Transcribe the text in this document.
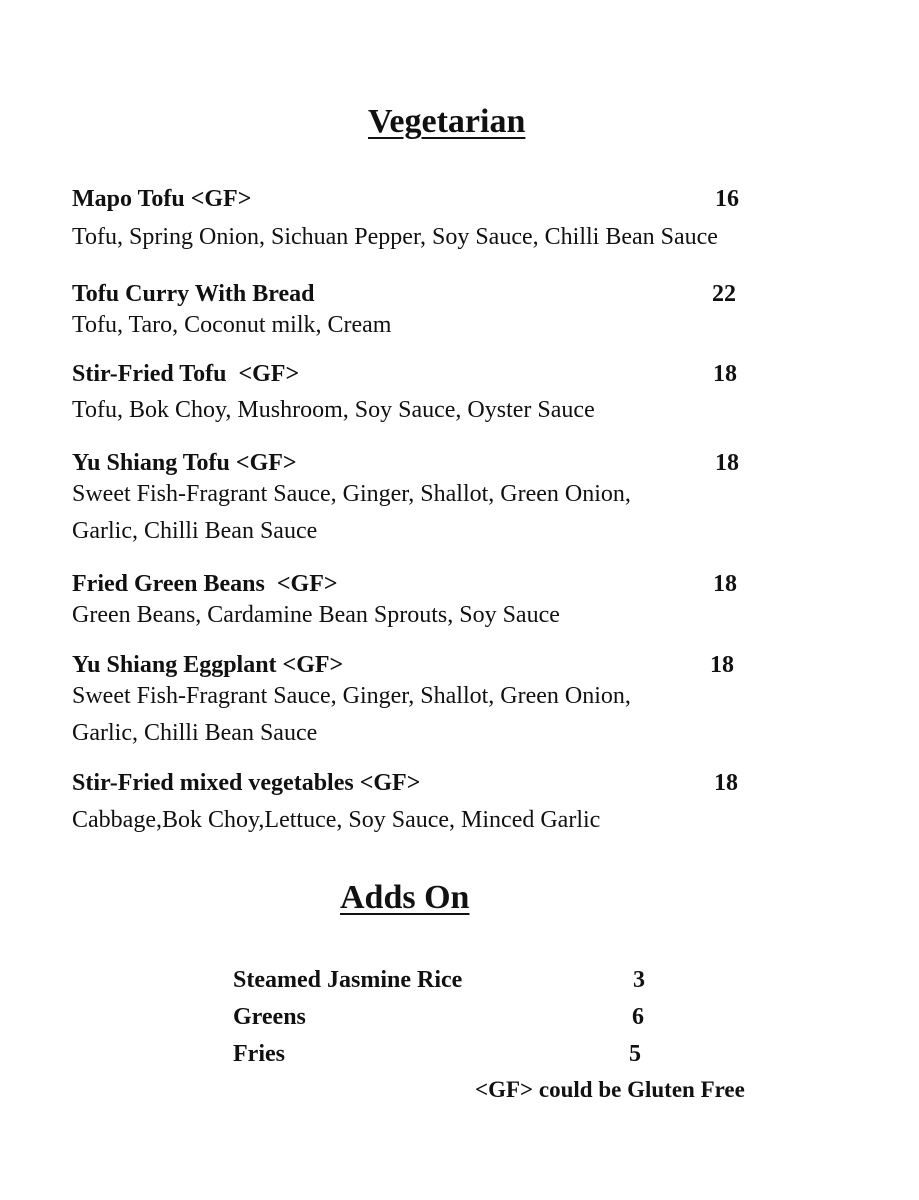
Vegetarian
Mapo Tofu <GF>	16
Tofu, Spring Onion, Sichuan Pepper, Soy Sauce, Chilli Bean Sauce
Tofu Curry With Bread	22
Tofu, Taro, Coconut milk, Cream
Stir-Fried Tofu  <GF>	18
Tofu, Bok Choy, Mushroom, Soy Sauce, Oyster Sauce
Yu Shiang Tofu <GF>	18
Sweet Fish-Fragrant Sauce, Ginger, Shallot, Green Onion,
Garlic, Chilli Bean Sauce
Fried Green Beans  <GF>	18
Green Beans, Cardamine Bean Sprouts, Soy Sauce
Yu Shiang Eggplant <GF>	18
Sweet Fish-Fragrant Sauce, Ginger, Shallot, Green Onion,
Garlic, Chilli Bean Sauce
Stir-Fried mixed vegetables <GF>	18
Cabbage,Bok Choy,Lettuce, Soy Sauce, Minced Garlic
Adds On
Steamed Jasmine Rice	3
Greens	6
Fries	5
<GF> could be Gluten Free
